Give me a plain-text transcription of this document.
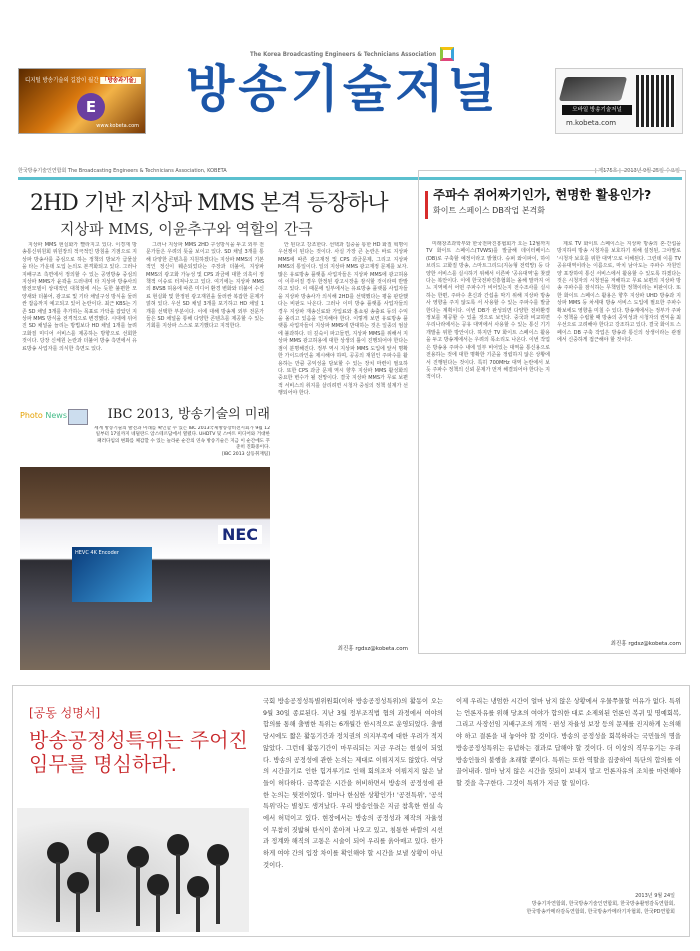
디지털 방송기술의 길잡이 월간 「방송과기술」
E
www.kobeta.com
The Korea Broadcasting Engineers & Technicians Association
방송기술저널	모바일 방송기술저널
m.kobeta.com
한국방송기술인연합회 The Broadcasting Engineers & Technicians Association, KOBETA	| 제175호 | 2013년 9월 25일 수요일
2HD 기반 지상파 MMS 본격 등장하나
지상파 MMS, 이윤추구와 역할의 간극
지상파 MMS 현실화가 빨라지고 있다. 이경재 방송통신위원회 위원장의 적극적인 방침을 기점으로 지상파 방송사를 중심으로 하는 정책의 방보가 급물살을 타는 가운데 도입 논의도 본격화되고 있다. 그러나 지배구조 측면에서 정의할 수 있는 공영방송 중심의 지상파 MMS가 윤곽을 드러내며 타 지상파 방송사의 발전모델이 상대적인 대척점에 서는 듯한 불편한 모양새와 더불어, 광고료 및 기타 채널구성 방식을 둘러싼 잡음까지 예고되고 있어 논란이다. 최근 KBS는 기존 SD 채널 3개를 추가하는 목표로 가닥을 잡았던 지상파 MMS 방식을 전격적으로 변경했다. 시대에 뒤어진 SD 채널을 늘리는 방법보다 HD 채널 1개를 늘려 고화질 미디어 서비스를 제공하는 방향으로 선회한 것이다. 당장 신체원 논란과 더불어 방송 측면에서 유료방송 사업자를 의식한 측면도 있다.
그러나 지상파 MMS 2HD 구성방식을 두고 외부 전문가들은 우려의 뜻을 보이고 있다. SD 채널 3개를 통해 다양한 콘텐츠를 지원하겠다는 지상파 MMS의 기본적인 정신이 훼손되었다는 주장과 더불어, 지상파 MMS의 광고화 가능성 및 CPS 과금에 대한 의혹이 정책적 이슈로 터져나오고 있다. 여기에는 지상파 MMS의 8VSB 허용에 따른 미디어 환경 변화와 더불어 수신료 현실화 및 한정된 광고재원을 둘러싼 복잡한 문제가 얽혀 있다. 우선 SD 채널 3개를 포기하고 HD 채널 1개를 선택한 부분이다. 이에 대해 방송계 외부 전문가들은 SD 채널을 통해 다양한 콘텐츠를 제공할 수 있는 기회를 지상파 스스로 포기했다고 지적한다.
안 된다고 강조한다. 선택과 집중을 통한 HD 화질 혁명이 우선쟁이 된다는 것이다. 사실 가장 큰 논란은 바로 지상파 MMS에 따른 광고재정 및 CPS 과금문제, 그리고 지상파 MMS의 통일이다. 일의 지상파 MMS 광고재정 문제를 보자. 많은 유료방송 플랫폼 사업자들은 지상파 MMS에 광고허용이 이루어질 경우 한정된 광고시장을 잠식할 것이라며 반발하고 있다. 이 때문에 일부에서는 유료방송 플랫폼 사업자들을 지상파 방송사가 의식해 2HD를 선택했다는 평을 판단했다는 비판도 나온다. 그러나 이미 방송 플랫폼 사업자들의 경우 지상파 재송신료와 가입료와 홈쇼핑 송출료 등의 수익을 올리고 있음을 인지해야 한다. 이렇게 보면 유료방송 플랫폼 사업자들이 지상파 MMS에 반대하는 것은 일종의 엄살에 불과하다. 더 깊숙이 파고들면, 지상파 MMS를 위해서 지상파 MMS 광고허용에 대한 상생의 틀이 진행되어야 한다는 점이 분명해진다. 정부 역시 지상파 MMS 도입에 앞서 명확한 가이드라인을 제시해야 하며, 공공의 재원인 주파수를 활용하는 만큼 공익성을 담보할 수 있는 장치 마련이 필요하다. 또한 CPS 과금 문제 역시 향후 지상파 MMS 활성화의 중요한 변수가 될 전망이다. 결국 지상파 MMS가 무료 보편적 서비스의 취지를 살리려면 시청자 중심의 정책 설계가 선행되어야 한다.
최진홍 rgdsz@kobeta.com
Photo News	IBC 2013, 방송기술의 미래
세계 방송기술의 발전과 미래를 확인할 수 있는 IBC 2013국제방송장비전시회가 9월 12일부터 17일까지 네덜란드 암스테르담에서 열렸다. UHDTV 및 스마트 미디어와 거대한 패러다임의 변화를 체감할 수 있는 놀라운 순간의 연속 방송기술은 지금 이 순간에도 꾸준히 진화중이다.
[IBC 2013 삼등취재팀]
HEVC 4K Encoder
NEC
주파수 쥐어짜기인가, 현명한 활용인가?
화이트 스페이스 DB작업 본격화
미래창조과학부와 한국전파진흥협회가 오는 12월까지 TV 화이트 스페이스(TVWS)를 발굴해 데이터베이스(DB)로 구축할 예정이라고 밝혔다. 슈퍼 와이파이, 하이브리드 고화질 방송, 스마트그리드(지능형 전력망) 등 다양한 서비스를 실시하기 위해서 이른바 '공유대역'을 찾겠다는 복안이다. 이에 한국전파진흥협회는 올해 말까지 어느 지역에서 어떤 주파수가 비어있는지 전수조사를 실시하는 한편, 주파수 혼신과 간섭을 막기 위해 지상파 방송사 영향을 주지 않도록 서 사용할 수 있는 주파수를 발굴한다는 계획이다. 이번 DB가 완성되면 다양한 전파환경 정보를 제공할 수 있을 것으로 보인다. 중국과 비교하면 우리나라에서는 공유 대역에서 사용할 수 있는 통신 기기 개발을 위한 방안이다. 하지만 TV 화이트 스페이스 활용을 두고 방송계에서는 우려의 목소리도 나온다. 이번 작업은 방송용 주파수 내에 일부 비어있는 대역을 통신용으로 전용하는 것에 대한 명확한 기준을 정립하지 않은 상황에서 진행된다는 것이다. 특히 700MHz 대역 논란에서 보듯 주파수 정책의 신뢰 문제가 먼저 해결되어야 한다는 지적이다.
제로 TV 화이트 스페이스는 지상파 방송의 혼·간섭을 방지하여 방송 시청자를 보호하기 위해 설정된, 그야말로 '시청자 보호를 위한 대역'으로 이해된다. 그런데 이를 TV 공유대역이라는 이름으로, 마치 남아도는 주파수 자원인양 포장하여 통신 서비스에서 활용할 수 있도록 하겠다는 것은 시청자의 시청권을 저해하고 무료 보편의 지상파 방송 주파수를 잠식하는 무책임한 정책이라는 비판이다. 또한 화이트 스페이스 활용은 향후 지상파 UHD 방송과 지상파 MMS 등 차세대 방송 서비스 도입에 필요한 주파수 확보에도 영향을 미칠 수 있다. 방송계에서는 정부가 주파수 정책을 수립할 때 방송의 공익성과 시청자의 권익을 최우선으로 고려해야 한다고 강조하고 있다. 결국 화이트 스페이스 DB 구축 작업은 방송과 통신의 상생이라는 관점에서 신중하게 접근해야 할 것이다.
최진홍 rgdsz@kobeta.com
[공동 성명서]
방송공정성특위는 주어진 임무를 명심하라.
국회 방송공정성특별위원회(이하 방송공정성특위)의 활동이 오는 9월 30일 종료된다. 지난 3월 정부조직법 협의 과정에서 여야의 합의를 통해 출범한 특위는 6개월간 한시적으로 운영되었다. 출범 당시에도 짧은 활동기간과 정치권의 의지부족에 대한 우려가 적지 않았다. 그런데 활동기간이 마무리되는 지금 우려는 현실이 되었다. 방송의 공정성에 관한 논의는 제대로 이뤄지지도 않았다. 여당의 시간끌기로 인한 힘겨루기로 인해 회의조차 이뤄지지 않은 날들이 허다하다. 금쪽같은 시간을 허비하면서 방송의 공정성에 관한 논의는 뒷전이었다. 얼마나 한심한 상황인가! '공전특위', '공석특위'라는 별칭도 생겨났다. 우리 방송인들은 지금 참혹한 현실 속에서 허덕이고 있다. 현장에서는 방송의 공정성과 제작의 자율성이 무참히 짓밟혀 탄식이 쏟아져 나오고 있고, 침통한 바깥의 시선과 정계와 해직의 고통은 시술이 되어 우리를 옭아매고 있다. 한가하게 여야 간의 입장 차이를 확인해야 할 시간을 보낼 상황이 아닌 것이다.
이제 우리는 냉엄한 시간이 얼마 남지 않은 상황에서 우물쭈물할 여유가 없다. 특위는 언론자유를 위해 당초의 여야가 합의한 대로 소제외된 언론인 복귀 및 명예회복, 그리고 사장선임 지배구조의 개혁 · 편성 자율성 보장 등의 문제를 진지하게 논의해야 하고 결론을 내 놓아야 할 것이다. 방송의 공정성을 회복하라는 국민들의 명을 방송공정성특위는 유념하는 결과로 답해야 할 것이다. 더 이상의 직무유기는 우리 방송인들의 불행을 초래할 뿐이다. 특위는 또한 역할을 집중하여 특단의 합의를 이끌어내라. 얼마 남지 않은 시간을 헛되이 보내지 말고 언론자유의 조치를 마련해야 할 것을 촉구한다. 그것이 특위가 지금 할 일이다.
2013년 9월 24일
방송기자연합회, 한국방송기술인연합회, 한국방송촬영감독연합회,
한국방송카메라감독연합회, 한국방송카메라기자협회, 한국PD연합회
